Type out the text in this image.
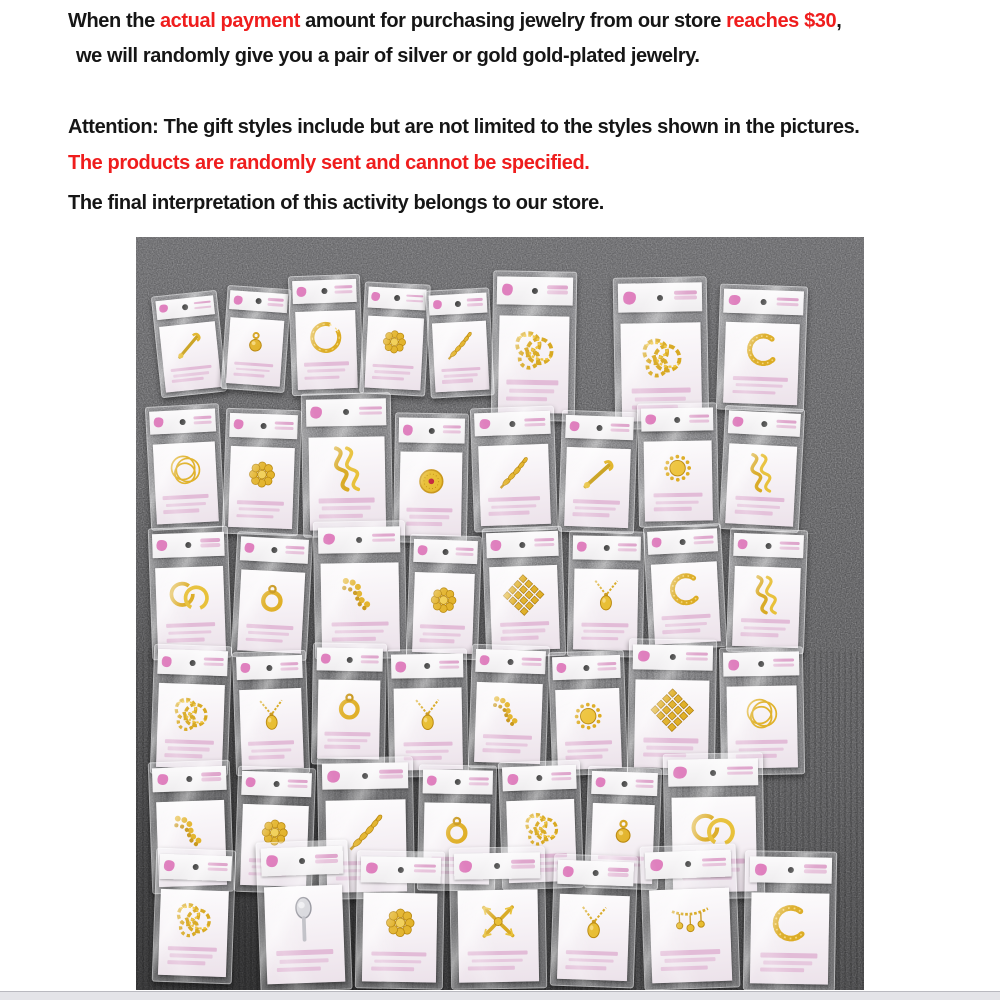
When the actual payment amount for purchasing jewelry from our store reaches $30,
we will randomly give you a pair of silver or gold gold-plated jewelry.
Attention: The gift styles include but are not limited to the styles shown in the pictures.
The products are randomly sent and cannot be specified.
The final interpretation of this activity belongs to our store.
